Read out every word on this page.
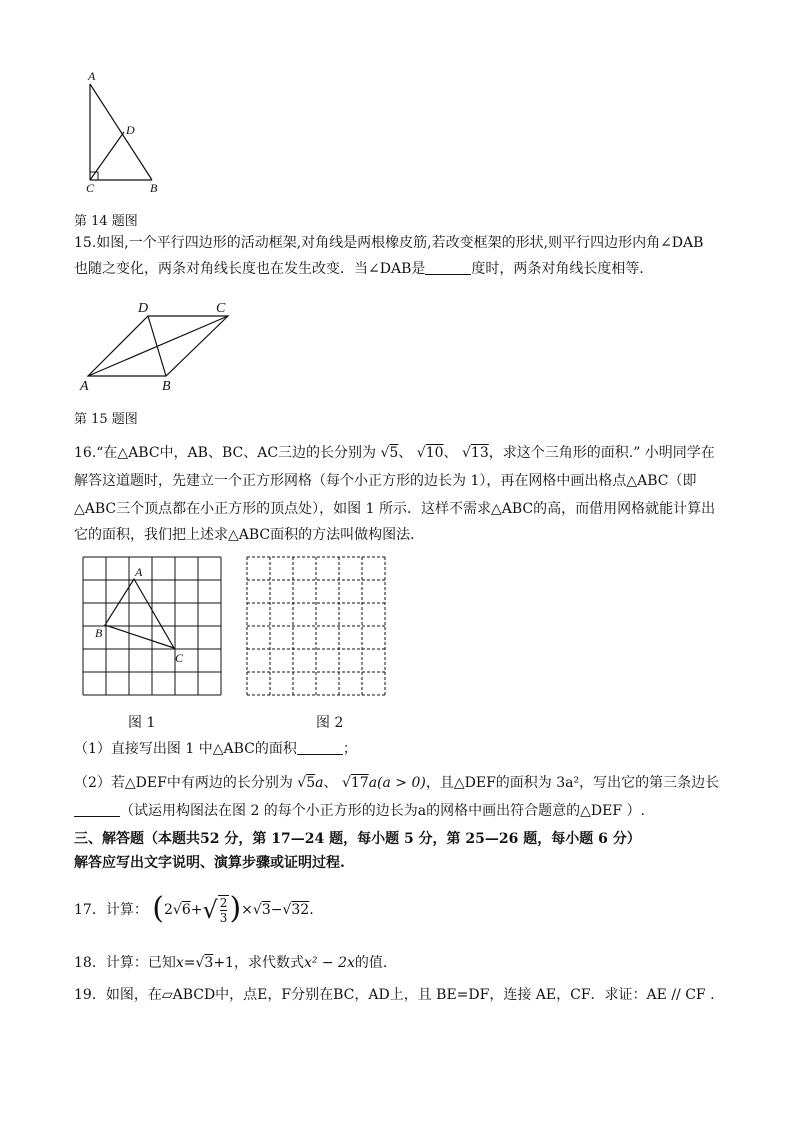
A
D
C	B
第 14 题图
15.如图,一个平行四边形的活动框架,对角线是两根橡皮筋,若改变框架的形状,则平行四边形内角∠DAB
也随之变化，两条对角线长度也在发生改变．当∠DAB是	度时，两条对角线长度相等．
D	C
A	B
第 15 题图
16.“在△ABC中，AB、BC、AC三边的长分别为 √5、 √10、 √13，求这个三角形的面积.” 小明同学在
解答这道题时，先建立一个正方形网格（每个小正方形的边长为 1），再在网格中画出格点△ABC（即
△ABC三个顶点都在小正方形的顶点处），如图 1 所示．这样不需求△ABC的高，而借用网格就能计算出
它的面积，我们把上述求△ABC面积的方法叫做构图法．
A
B
C
图 1	图 2
（1）直接写出图 1 中△ABC的面积	；
（2）若△DEF中有两边的长分别为 √5a、 √17a(a > 0)，且△DEF的面积为 3a²，写出它的第三条边长
（试运用构图法在图 2 的每个小正方形的边长为a的网格中画出符合题意的△DEF ）.
三、解答题（本题共52 分，第 17—24 题，每小题 5 分，第 25—26 题，每小题 6 分）
解答应写出文字说明、演算步骤或证明过程.
17．计算： $(2√6+√ \frac{2}{3} )\times√3-√32$.
18．计算：已知x=√3+1，求代数式x² − 2x的值.
19．如图，在▱ABCD中，点E，F分别在BC，AD上，且 BE=DF，连接 AE，CF．求证：AE // CF .
